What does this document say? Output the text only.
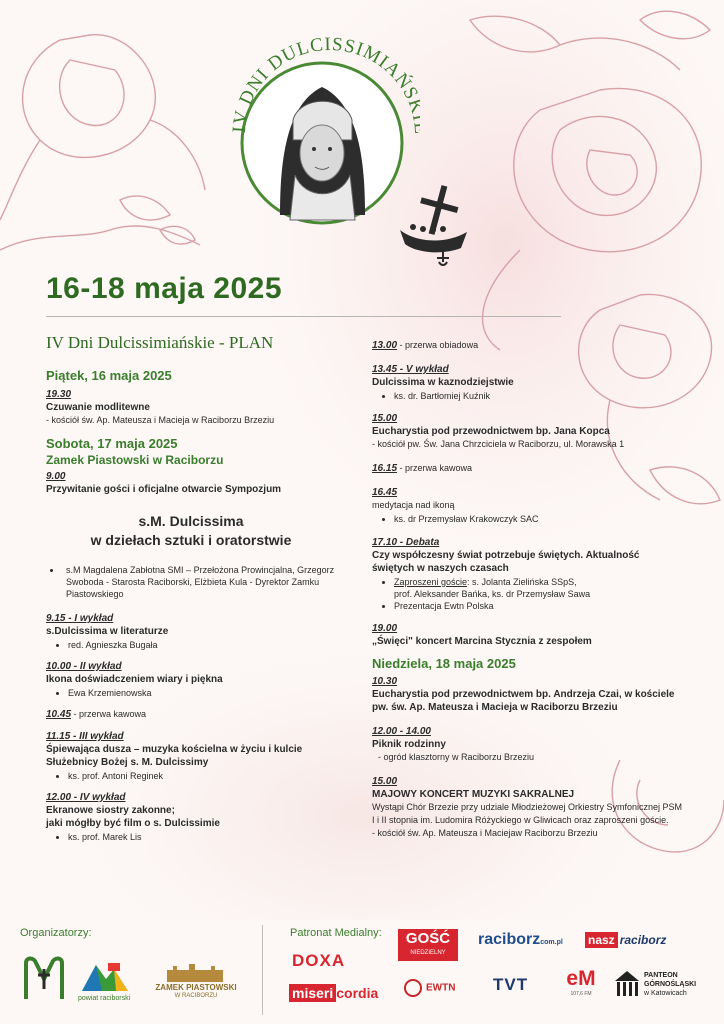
IV DNI DULCISSIMIAŃ
16-18 maja 2025
IV Dni Dulcissimiańskie - PLAN
Piątek, 16 maja 2025
19.30
Czuwanie modlitewne
- kościół św. Ap. Mateusza i Macieja w Raciborzu Brzeziu
Sobota, 17 maja 2025
Zamek Piastowski w Raciborzu
9.00
Przywitanie gości i oficjalne otwarcie Sympozjum
s.M. Dulcissima
w dziełach sztuki i oratorstwie
• s.M Magdalena Zabłotna SMI – Przełożona Prowincjalna, Grzegorz Swoboda - Starosta Raciborski, Elżbieta Kula - Dyrektor Zamku Piastowskiego
9.15 - I wykład
s.Dulcissima w literaturze
• red. Agnieszka Bugała
10.00 - II wykład
Ikona doświadczeniem wiary i piękna
• Ewa Krzemienowska
10.45 - przerwa kawowa
11.15 - III wykład
Śpiewająca dusza – muzyka kościelna w życiu i kulcie
Służebnicy Bożej s. M. Dulcissimy
• ks. prof. Antoni Reginek
12.00 - IV wykład
Ekranowe siostry zakonne;
jaki mógłby być film o s. Dulcissimie
• ks. prof. Marek Lis
13.00 - przerwa obiadowa
13.45 - V wykład
Dulcissima w kaznodziejstwie
• ks. dr. Bartłomiej Kuźnik
15.00
Eucharystia pod przewodnictwem bp. Jana Kopca
- kościół pw. Św. Jana Chrzciciela w Raciborzu, ul. Morawska 1
16.15 - przerwa kawowa
16.45
medytacja nad ikoną
• ks. dr Przemysław Krakowczyk SAC
17.10 - Debata
Czy współczesny świat potrzebuje świętych. Aktualność
świętych w naszych czasach
• Zaproszeni goście: s. Jolanta Zielińska SSpS,
prof. Aleksander Bańka, ks. dr Przemysław Sawa
• Prezentacja Ewtn Polska
19.00
„Święci" koncert Marcina Stycznia z zespołem
Niedziela, 18 maja 2025
10.30
Eucharystia pod przewodnictwem bp. Andrzeja Czai, w kościele
pw. św. Ap. Mateusza i Macieja w Raciborzu Brzeziu
12.00 - 14.00
Piknik rodzinny
- ogród klasztorny w Raciborzu Brzeziu
15.00
MAJOWY KONCERT MUZYKI SAKRALNEJ
Wystąpi Chór Brzezie przy udziale Młodzieżowej Orkiestry Symfonicznej PSM
I i II stopnia im. Ludomira Różyckiego w Gliwicach oraz zaproszeni goście.
- kościół św. Ap. Mateusza i Maciejaw Raciborzu Brzeziu
Organizatorzy:	Patronat Medialny:
powiat raciborski
ZAMEK PIASTOWSKI
W RACIBORZU
GOŚĆ
NIEDZIELNY
raciborzcom.pl nasz raciborz
DOXA
miseri cordia	EWTN TVT eM
107,6 FM
PANTEON
GÓRNOŚLĄSKI
w Katowicach
